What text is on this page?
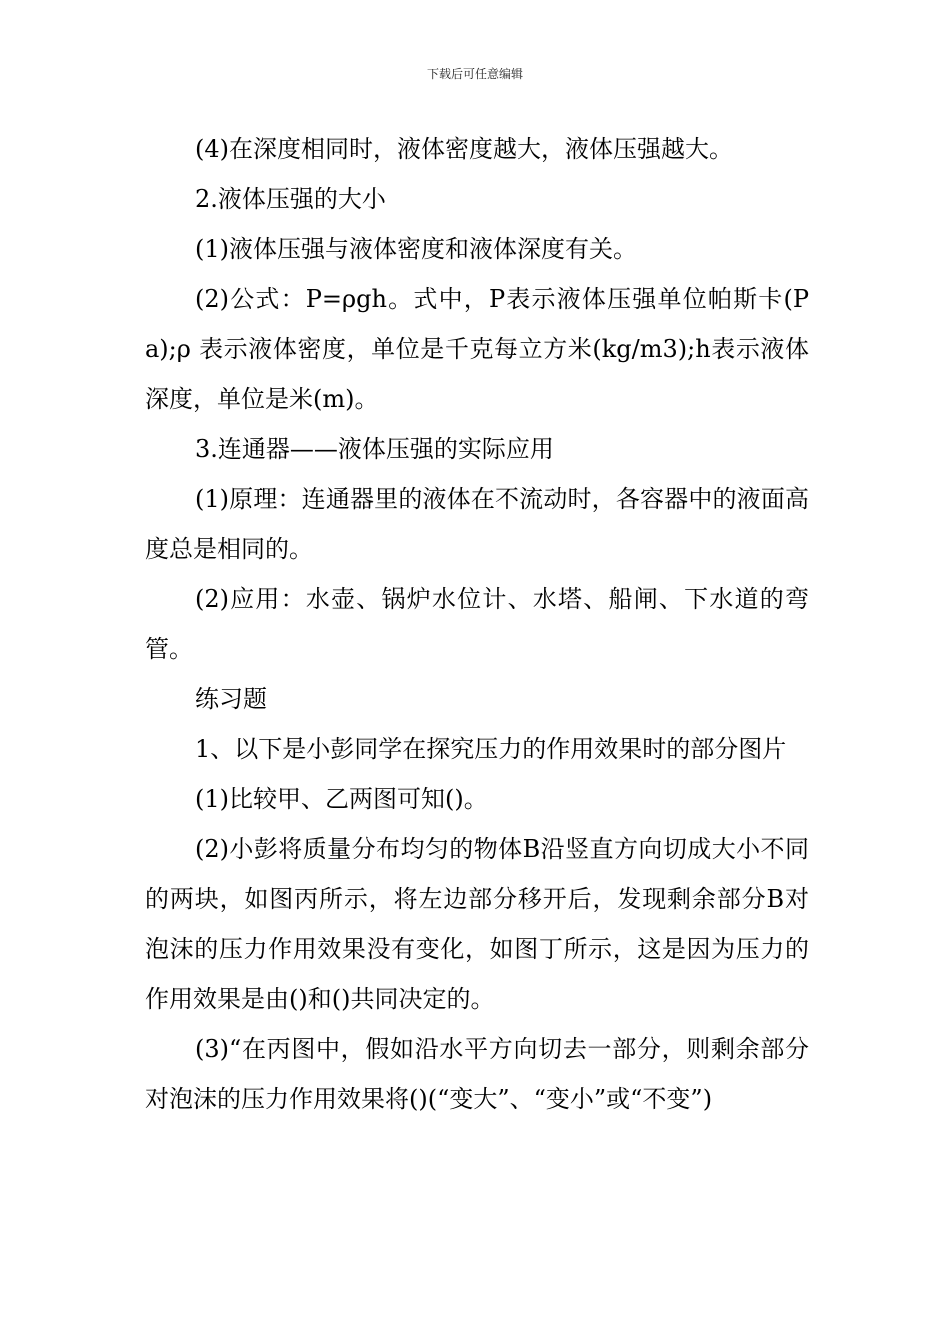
下载后可任意编辑

(4)在深度相同时，液体密度越大，液体压强越大。

2.液体压强的大小

(1)液体压强与液体密度和液体深度有关。

(2)公式：P=ρgh。式中，P表示液体压强单位帕斯卡(Pa);ρ 表示液体密度，单位是千克每立方米(kg/m3);h表示液体深度，单位是米(m)。

3.连通器——液体压强的实际应用

(1)原理：连通器里的液体在不流动时，各容器中的液面高度总是相同的。

(2)应用：水壶、锅炉水位计、水塔、船闸、下水道的弯管。

练习题

1、以下是小彭同学在探究压力的作用效果时的部分图片

(1)比较甲、乙两图可知()。

(2)小彭将质量分布均匀的物体B沿竖直方向切成大小不同的两块，如图丙所示，将左边部分移开后，发现剩余部分B对泡沫的压力作用效果没有变化，如图丁所示，这是因为压力的作用效果是由()和()共同决定的。

(3)“在丙图中，假如沿水平方向切去一部分，则剩余部分对泡沫的压力作用效果将()(“变大”、“变小”或“不变”)
